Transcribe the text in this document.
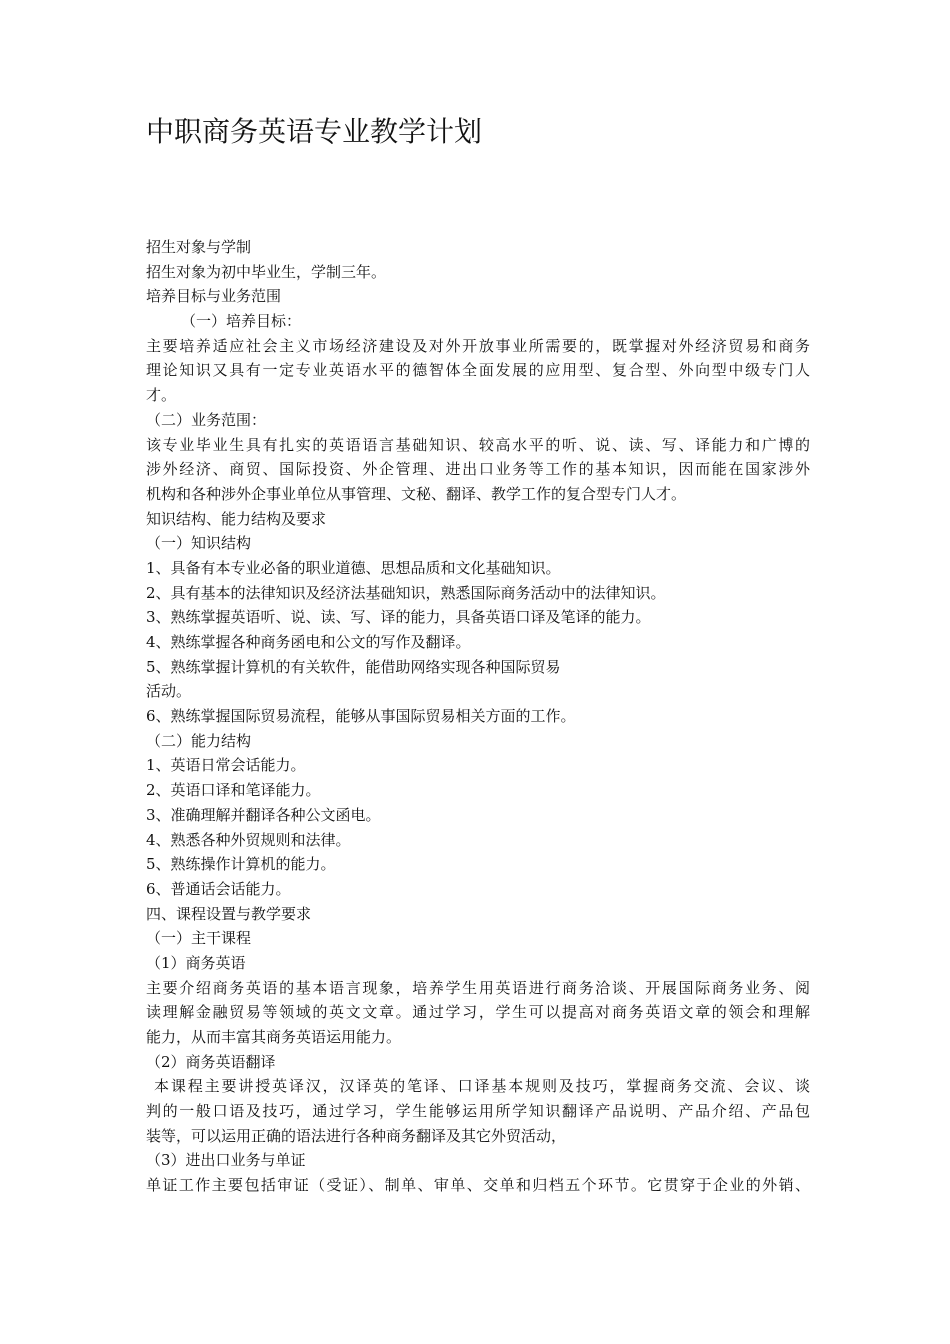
中职商务英语专业教学计划
招生对象与学制
招生对象为初中毕业生，学制三年。
培养目标与业务范围
（一）培养目标：
主要培养适应社会主义市场经济建设及对外开放事业所需要的，既掌握对外经济贸易和商务
理论知识又具有一定专业英语水平的德智体全面发展的应用型、复合型、外向型中级专门人
才。
（二）业务范围：
该专业毕业生具有扎实的英语语言基础知识、较高水平的听、说、读、写、译能力和广博的
涉外经济、商贸、国际投资、外企管理、进出口业务等工作的基本知识，因而能在国家涉外
机构和各种涉外企事业单位从事管理、文秘、翻译、教学工作的复合型专门人才。
知识结构、能力结构及要求
（一）知识结构
1、具备有本专业必备的职业道德、思想品质和文化基础知识。
2、具有基本的法律知识及经济法基础知识，熟悉国际商务活动中的法律知识。
3、熟练掌握英语听、说、读、写、译的能力，具备英语口译及笔译的能力。
4、熟练掌握各种商务函电和公文的写作及翻译。
5、熟练掌握计算机的有关软件，能借助网络实现各种国际贸易
活动。
6、熟练掌握国际贸易流程，能够从事国际贸易相关方面的工作。
（二）能力结构
1、英语日常会话能力。
2、英语口译和笔译能力。
3、准确理解并翻译各种公文函电。
4、熟悉各种外贸规则和法律。
5、熟练操作计算机的能力。
6、普通话会话能力。
四、课程设置与教学要求
（一）主干课程
（1）商务英语
主要介绍商务英语的基本语言现象，培养学生用英语进行商务洽谈、开展国际商务业务、阅
读理解金融贸易等领域的英文文章。通过学习，学生可以提高对商务英语文章的领会和理解
能力，从而丰富其商务英语运用能力。
（2）商务英语翻译
本课程主要讲授英译汉，汉译英的笔译、口译基本规则及技巧，掌握商务交流、会议、谈
判的一般口语及技巧，通过学习，学生能够运用所学知识翻译产品说明、产品介绍、产品包
装等，可以运用正确的语法进行各种商务翻译及其它外贸活动，
（3）进出口业务与单证
单证工作主要包括审证（受证）、制单、审单、交单和归档五个环节。它贯穿于企业的外销、
